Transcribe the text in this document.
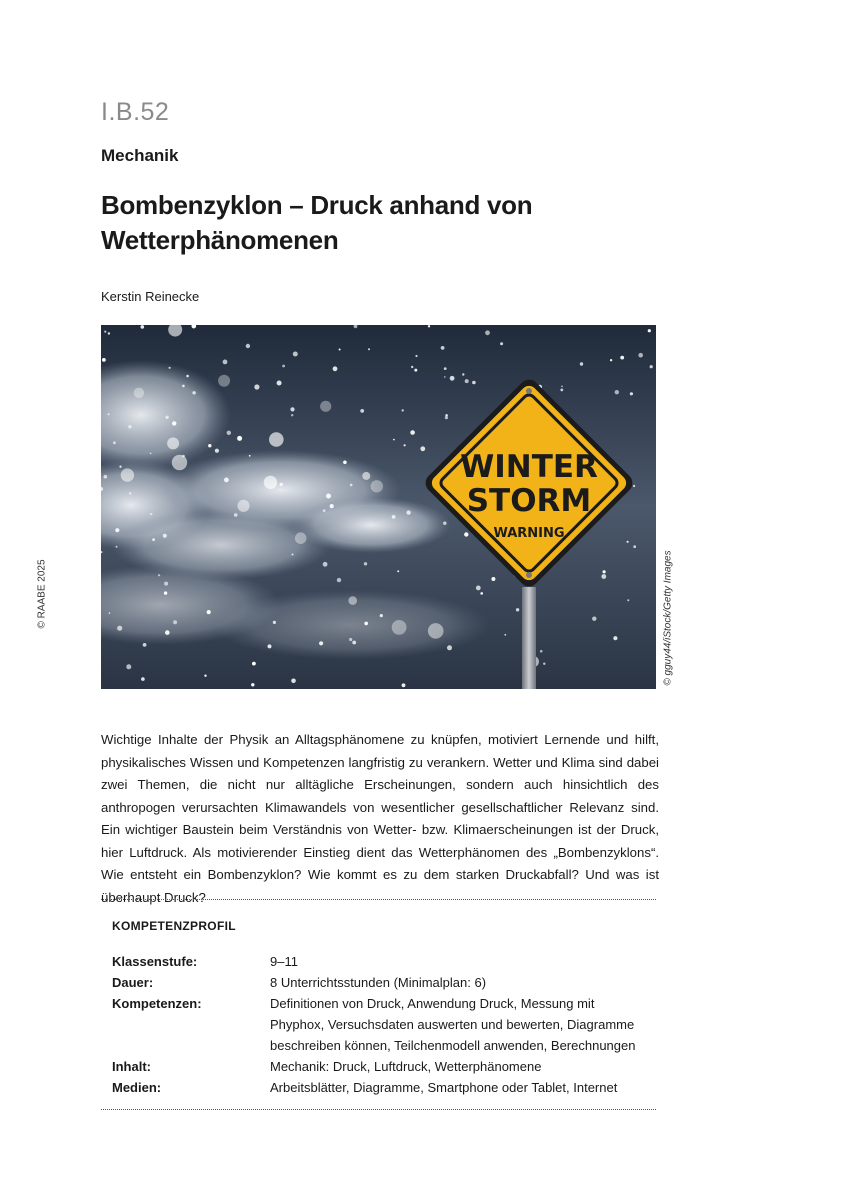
I.B.52
Mechanik
Bombenzyklon – Druck anhand von Wetterphänomenen
Kerstin Reinecke
© RAABE 2025	© gguy44/iStock/Getty Images
WINTER
STORM
WARNING
Wichtige Inhalte der Physik an Alltagsphänomene zu knüpfen, motiviert Lernende und hilft, physikalisches Wissen und Kompetenzen langfristig zu verankern. Wetter und Klima sind dabei zwei Themen, die nicht nur alltägliche Erscheinungen, sondern auch hinsichtlich des anthropogen verursachten Klimawandels von wesentlicher gesellschaftlicher Relevanz sind. Ein wichtiger Baustein beim Verständnis von Wetter- bzw. Klimaerscheinungen ist der Druck, hier Luftdruck. Als motivierender Einstieg dient das Wetterphänomen des „Bombenzyklons“. Wie entsteht ein Bombenzyklon? Wie kommt es zu dem starken Druckabfall? Und was ist überhaupt Druck?
KOMPETENZPROFIL
Klassenstufe:	9–11
Dauer:	8 Unterrichtsstunden (Minimalplan: 6)
Kompetenzen:	Definitionen von Druck, Anwendung Druck, Messung mit Phyphox, Versuchsdaten auswerten und bewerten, Diagramme beschreiben können, Teilchenmodell anwenden, Berechnungen
Inhalt:	Mechanik: Druck, Luftdruck, Wetterphänomene
Medien:	Arbeitsblätter, Diagramme, Smartphone oder Tablet, Internet
